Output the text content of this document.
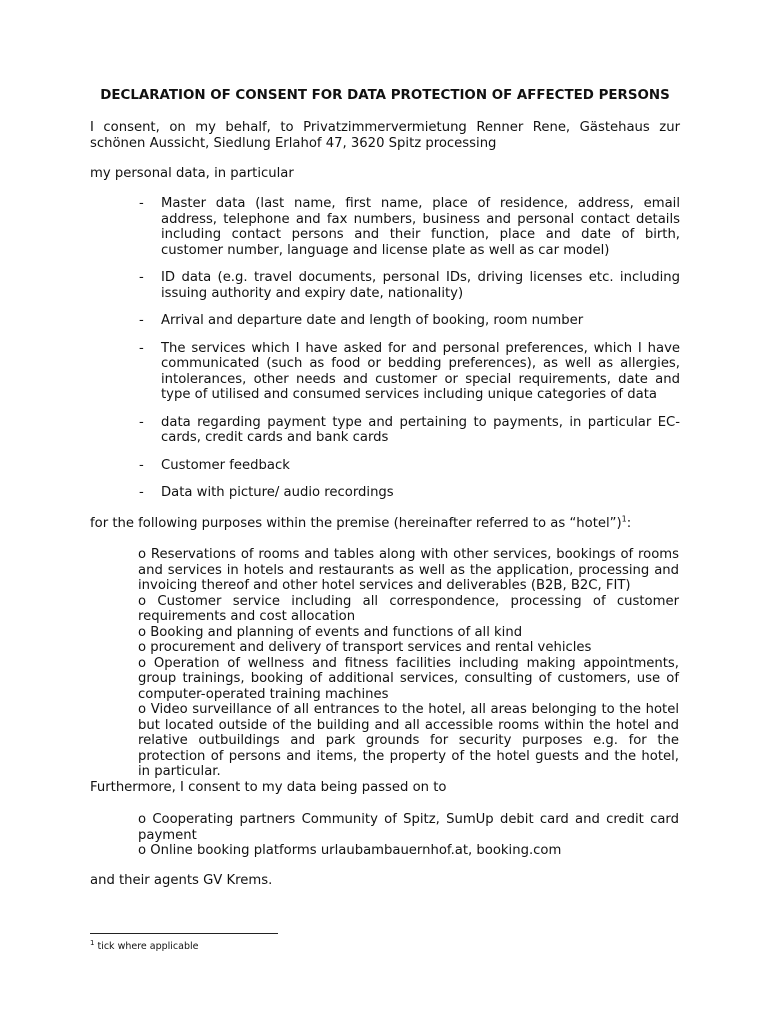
DECLARATION OF CONSENT FOR DATA PROTECTION OF AFFECTED PERSONS

I consent, on my behalf, to Privatzimmervermietung Renner Rene, Gästehaus zur schönen Aussicht, Siedlung Erlahof 47, 3620 Spitz processing

my personal data, in particular

- Master data (last name, first name, place of residence, address, email address, telephone and fax numbers, business and personal contact details including contact persons and their function, place and date of birth, customer number, language and license plate as well as car model)
- ID data (e.g. travel documents, personal IDs, driving licenses etc. including issuing authority and expiry date, nationality)
- Arrival and departure date and length of booking, room number
- The services which I have asked for and personal preferences, which I have communicated (such as food or bedding preferences), as well as allergies, intolerances, other needs and customer or special requirements, date and type of utilised and consumed services including unique categories of data
- data regarding payment type and pertaining to payments, in particular EC-cards, credit cards and bank cards
- Customer feedback
- Data with picture/ audio recordings

for the following purposes within the premise (hereinafter referred to as “hotel”)$^1$:

o Reservations of rooms and tables along with other services, bookings of rooms and services in hotels and restaurants as well as the application, processing and invoicing thereof and other hotel services and deliverables (B2B, B2C, FIT)

o Customer service including all correspondence, processing of customer requirements and cost allocation

o Booking and planning of events and functions of all kind

o procurement and delivery of transport services and rental vehicles

o Operation of wellness and fitness facilities including making appointments, group trainings, booking of additional services, consulting of customers, use of computer-operated training machines

o Video surveillance of all entrances to the hotel, all areas belonging to the hotel but located outside of the building and all accessible rooms within the hotel and relative outbuildings and park grounds for security purposes e.g. for the protection of persons and items, the property of the hotel guests and the hotel, in particular.

Furthermore, I consent to my data being passed on to

o Cooperating partners Community of Spitz, SumUp debit card and credit card payment

o Online booking platforms urlaubambauernhof.at, booking.com

and their agents GV Krems.

$^1$ tick where applicable
